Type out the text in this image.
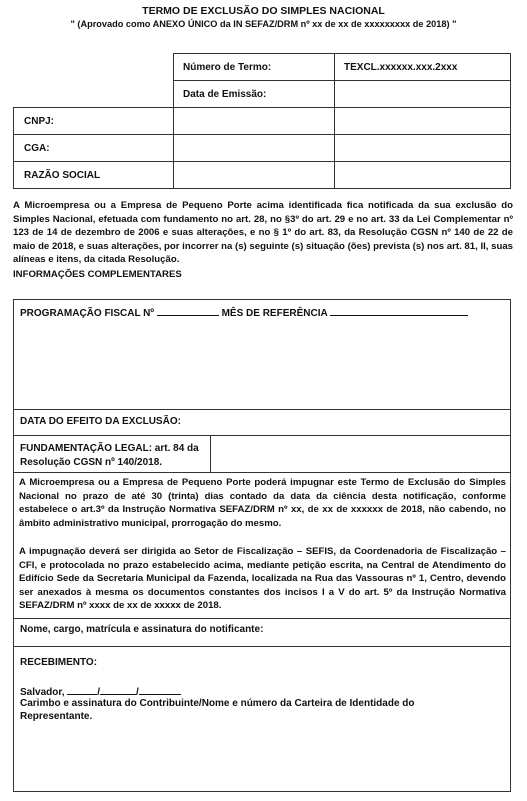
TERMO DE EXCLUSÃO DO SIMPLES NACIONAL
" (Aprovado como ANEXO ÚNICO da IN SEFAZ/DRM nº xx de xx de xxxxxxxxx de 2018) "
Número de Termo:	TEXCL.xxxxxx.xxx.2xxx
Data de Emissão:
CNPJ:
CGA:
RAZÃO SOCIAL
A Microempresa ou a Empresa de Pequeno Porte acima identificada fica notificada da sua exclusão do Simples Nacional, efetuada com fundamento no art. 28, no §3º do art. 29 e no art. 33 da Lei Complementar nº 123 de 14 de dezembro de 2006 e suas alterações, e no § 1º do art. 83, da Resolução CGSN nº 140 de 22 de maio de 2018, e suas alterações, por incorrer na (s) seguinte (s) situação (ões) prevista (s) nos art. 81, II, suas alíneas e itens, da citada Resolução.
INFORMAÇÕES COMPLEMENTARES
PROGRAMAÇÃO FISCAL Nº	MÊS DE REFERÊNCIA
DATA DO EFEITO DA EXCLUSÃO:
FUNDAMENTAÇÃO LEGAL: art. 84 da
Resolução CGSN nº 140/2018.
A Microempresa ou a Empresa de Pequeno Porte poderá impugnar este Termo de Exclusão do Simples Nacional no prazo de até 30 (trinta) dias contado da data da ciência desta notificação, conforme estabelece o art.3º da Instrução Normativa SEFAZ/DRM nº xx, de xx de xxxxxx de 2018, não cabendo, no âmbito administrativo municipal, prorrogação do mesmo.
A impugnação deverá ser dirigida ao Setor de Fiscalização – SEFIS, da Coordenadoria de Fiscalização – CFI, e protocolada no prazo estabelecido acima, mediante petição escrita, na Central de Atendimento do Edifício Sede da Secretaria Municipal da Fazenda, localizada na Rua das Vassouras nº 1, Centro, devendo ser anexados à mesma os documentos constantes dos incisos I a V do art. 5º da Instrução Normativa SEFAZ/DRM nº xxxx de xx de xxxxx de 2018.
Nome, cargo, matrícula e assinatura do notificante:
RECEBIMENTO:
Salvador,	/	/
Carimbo e assinatura do Contribuinte/Nome e número da Carteira de Identidade do
Representante.
